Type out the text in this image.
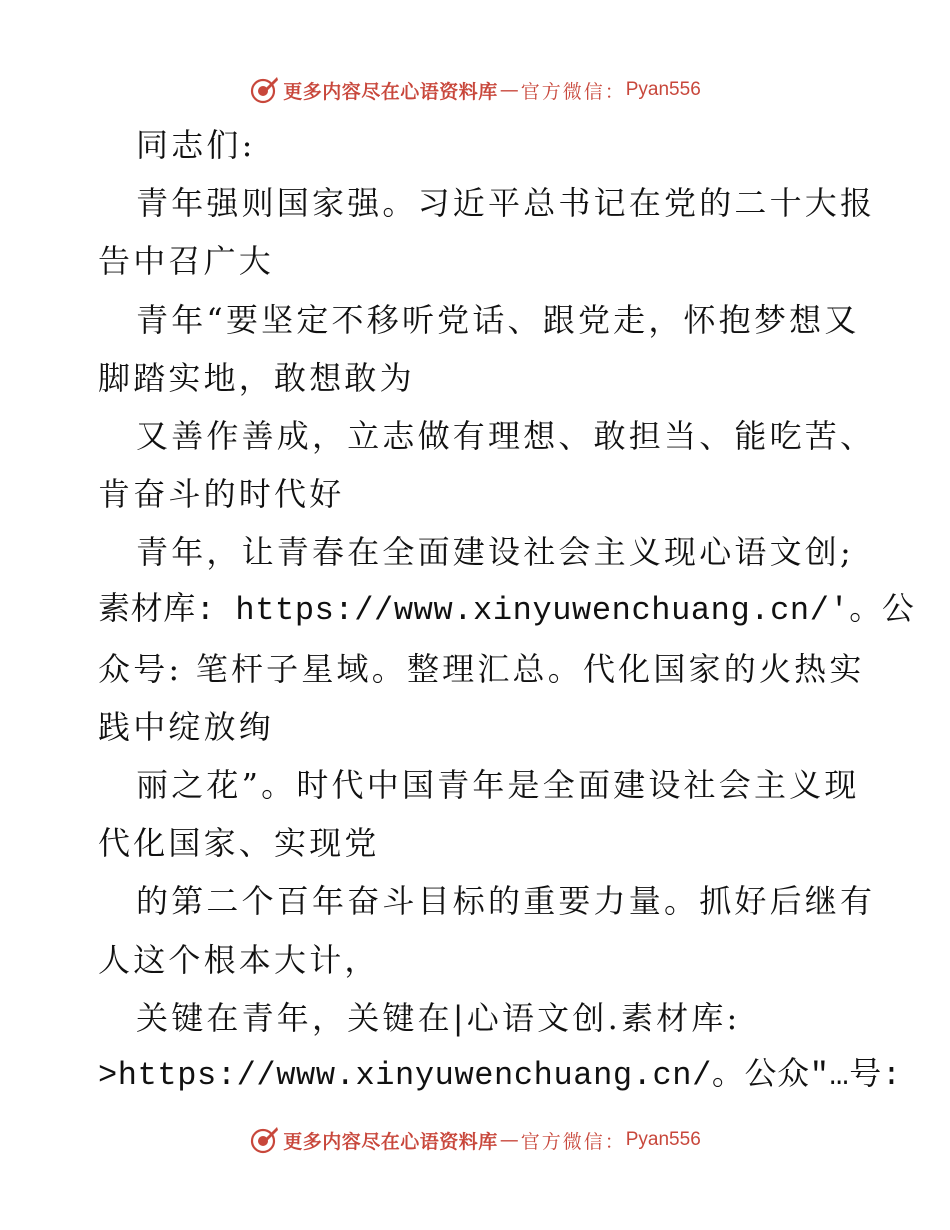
更多内容尽在心语资料库 — 官方微信： Pyan556
同志们:
青年强则国家强。习近平总书记在党的二十大报
告中召广大
青年“要坚定不移听党话、跟党走，怀抱梦想又
脚踏实地，敢想敢为
又善作善成，立志做有理想、敢担当、能吃苦、
肯奋斗的时代好
青年，让青春在全面建设社会主义现心语文创;
素材库: https://www.xinyuwenchuang.cn/′。公
众号: 笔杆子星域。整理汇总。代化国家的火热实
践中绽放绚
丽之花”。时代中国青年是全面建设社会主义现
代化国家、实现党
的第二个百年奋斗目标的重要力量。抓好后继有
人这个根本大计，
关键在青年，关键在|心语文创.素材库:
>https://www.xinyuwenchuang.cn/。公众"…号:
更多内容尽在心语资料库 — 官方微信： Pyan556
